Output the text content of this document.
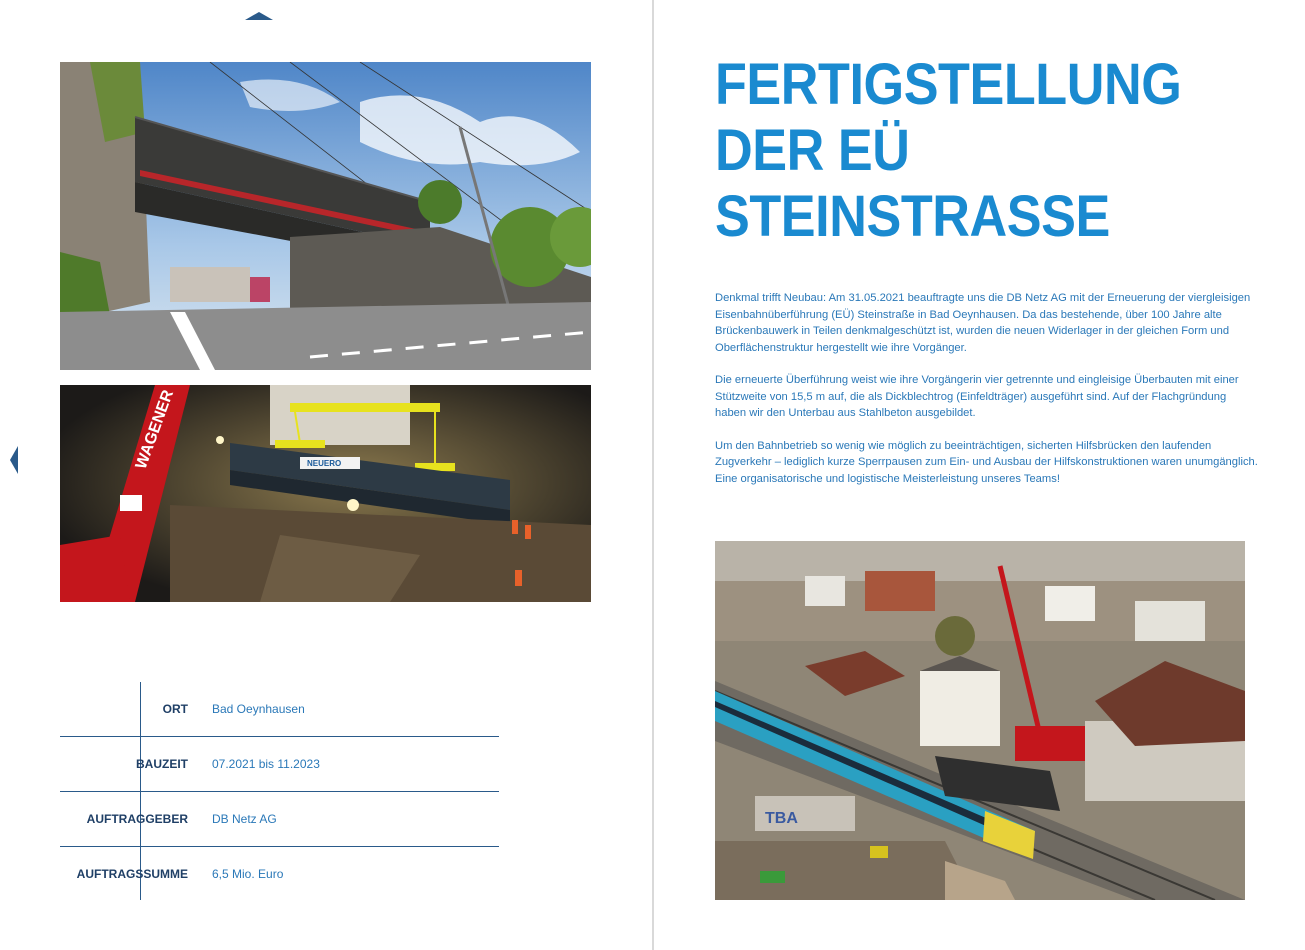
NEUERO
WAGENER
ORT Bad Oeynhausen
BAUZEIT 07.2021 bis 11.2023
AUFTRAGGEBER DB Netz AG
AUFTRAGSSUMME 6,5 Mio. Euro
FERTIGSTELLUNG
DER EÜ
STEINSTRASSE

Denkmal trifft Neubau: Am 31.05.2021 beauftragte uns die DB Netz AG mit der Erneuerung der viergleisigen Eisenbahnüberführung (EÜ) Steinstraße in Bad Oeynhausen. Da das bestehende, über 100 Jahre alte Brückenbauwerk in Teilen denkmalgeschützt ist, wurden die neuen Widerlager in der gleichen Form und Oberflächenstruktur hergestellt wie ihre Vorgänger.

Die erneuerte Überführung weist wie ihre Vorgängerin vier getrennte und eingleisige Überbauten mit einer Stützweite von 15,5 m auf, die als Dickblechtrog (Einfeldträger) ausgeführt sind. Auf der Flachgründung haben wir den Unterbau aus Stahlbeton ausgebildet.

Um den Bahnbetrieb so wenig wie möglich zu beeinträchtigen, sicherten Hilfsbrücken den laufenden Zugverkehr – lediglich kurze Sperrpausen zum Ein- und Ausbau der Hilfskonstruktionen waren unumgänglich. Eine organisatorische und logistische Meisterleistung unseres Teams!

TBA
